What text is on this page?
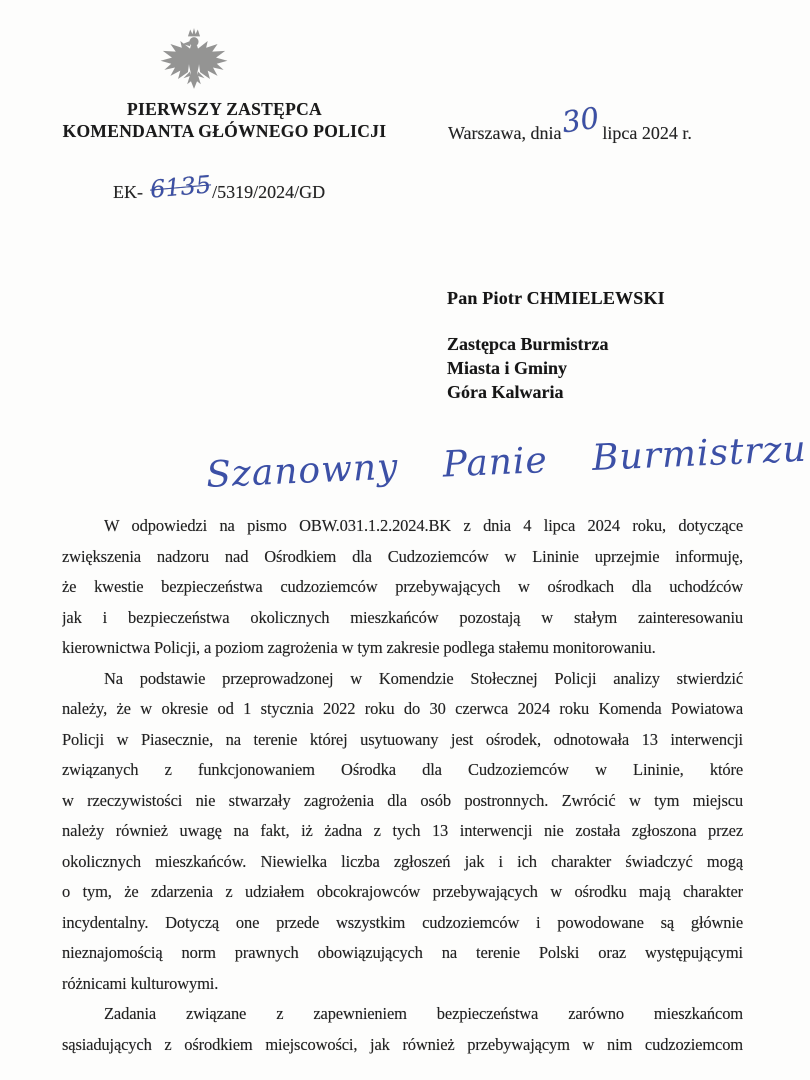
PIERWSZY ZASTĘPCA
KOMENDANTA GŁÓWNEGO POLICJI	Warszawa, dnia30 lipca 2024 r.
EK- 6135/5319/2024/GD
Pan Piotr CHMIELEWSKI
Zastępca Burmistrza
Miasta i Gminy
Góra Kalwaria
Szanowny Panie Burmistrzu
W odpowiedzi na pismo OBW.031.1.2.2024.BK z dnia 4 lipca 2024 roku, dotyczące
zwiększenia nadzoru nad Ośrodkiem dla Cudzoziemców w Lininie uprzejmie informuję,
że kwestie bezpieczeństwa cudzoziemców przebywających w ośrodkach dla uchodźców
jak i bezpieczeństwa okolicznych mieszkańców pozostają w stałym zainteresowaniu
kierownictwa Policji, a poziom zagrożenia w tym zakresie podlega stałemu monitorowaniu.
Na podstawie przeprowadzonej w Komendzie Stołecznej Policji analizy stwierdzić
należy, że w okresie od 1 stycznia 2022 roku do 30 czerwca 2024 roku Komenda Powiatowa
Policji w Piasecznie, na terenie której usytuowany jest ośrodek, odnotowała 13 interwencji
związanych z funkcjonowaniem Ośrodka dla Cudzoziemców w Lininie, które
w rzeczywistości nie stwarzały zagrożenia dla osób postronnych. Zwrócić w tym miejscu
należy również uwagę na fakt, iż żadna z tych 13 interwencji nie została zgłoszona przez
okolicznych mieszkańców. Niewielka liczba zgłoszeń jak i ich charakter świadczyć mogą
o tym, że zdarzenia z udziałem obcokrajowców przebywających w ośrodku mają charakter
incydentalny. Dotyczą one przede wszystkim cudzoziemców i powodowane są głównie
nieznajomością norm prawnych obowiązujących na terenie Polski oraz występującymi
różnicami kulturowymi.
Zadania związane z zapewnieniem bezpieczeństwa zarówno mieszkańcom
sąsiadujących z ośrodkiem miejscowości, jak również przebywającym w nim cudzoziemcom
